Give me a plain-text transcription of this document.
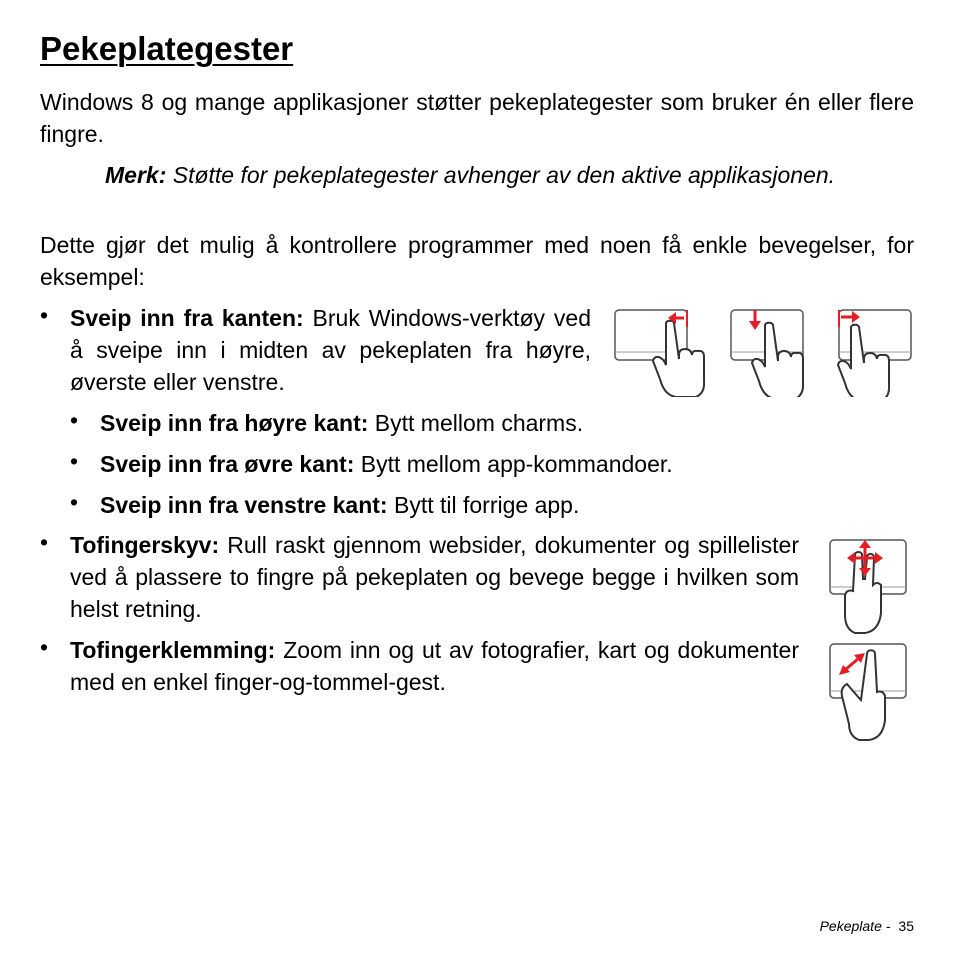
Pekeplategester

Windows 8 og mange applikasjoner støtter pekeplategester som bruker én eller flere fingre.

Merk: Støtte for pekeplategester avhenger av den aktive applikasjonen.

Dette gjør det mulig å kontrollere programmer med noen få enkle bevegelser, for eksempel:

• Sveip inn fra kanten: Bruk Windows-verktøy ved å sveipe inn i midten av pekeplaten fra høyre, øverste eller venstre.

• Sveip inn fra høyre kant: Bytt mellom charms.

• Sveip inn fra øvre kant: Bytt mellom app-kommandoer.

• Sveip inn fra venstre kant: Bytt til forrige app.

• Tofingerskyv: Rull raskt gjennom websider, dokumenter og spillelister ved å plassere to fingre på pekeplaten og bevege begge i hvilken som helst retning.

• Tofingerklemming: Zoom inn og ut av fotografier, kart og dokumenter med en enkel finger-og-tommel-gest.

Pekeplate - 35
